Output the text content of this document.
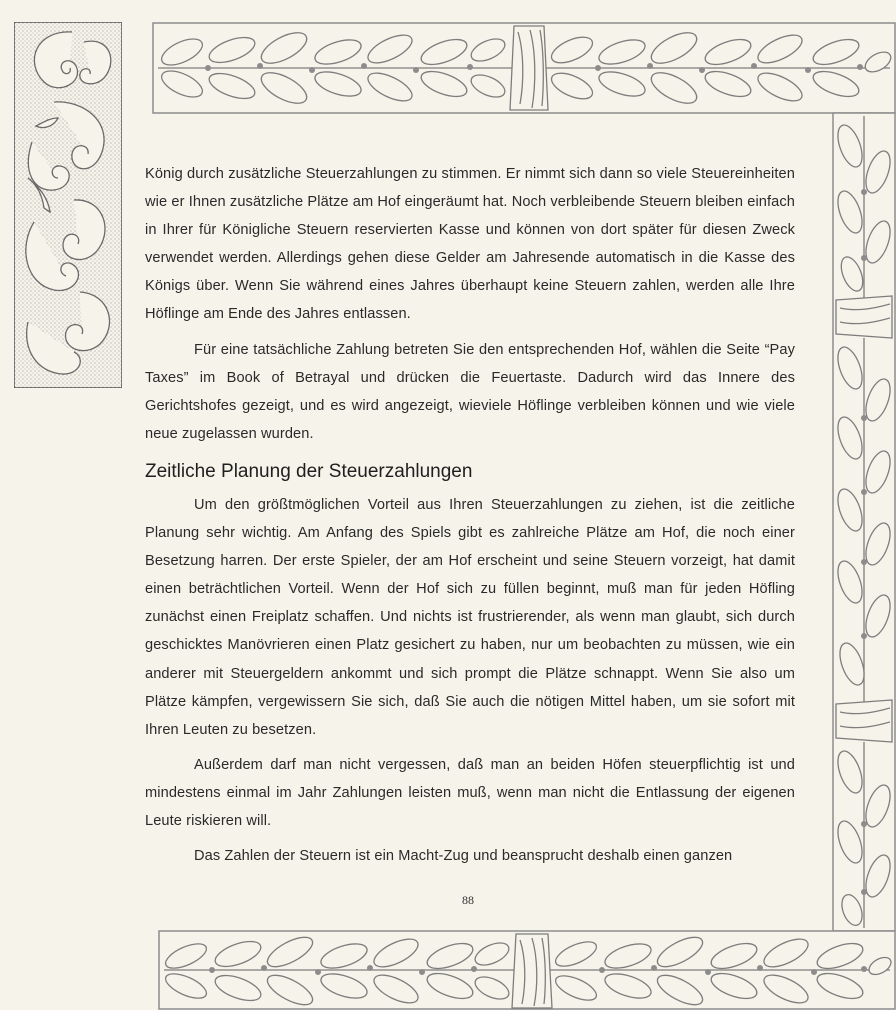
König durch zusätzliche Steuerzahlungen zu stimmen. Er nimmt sich dann so viele Steuereinheiten wie er Ihnen zusätzliche Plätze am Hof eingeräumt hat. Noch verbleibende Steuern bleiben einfach in Ihrer für Königliche Steuern reservierten Kasse und können von dort später für diesen Zweck verwendet werden. Allerdings gehen diese Gelder am Jahresende automatisch in die Kasse des Königs über. Wenn Sie während eines Jahres überhaupt keine Steuern zahlen, werden alle Ihre Höflinge am Ende des Jahres entlassen.

Für eine tatsächliche Zahlung betreten Sie den entsprechenden Hof, wählen die Seite “Pay Taxes” im Book of Betrayal und drücken die Feuertaste. Dadurch wird das Innere des Gerichtshofes gezeigt, und es wird angezeigt, wieviele Höflinge verbleiben können und wie viele neue zugelassen wurden.

Zeitliche Planung der Steuerzahlungen

Um den größtmöglichen Vorteil aus Ihren Steuerzahlungen zu ziehen, ist die zeitliche Planung sehr wichtig. Am Anfang des Spiels gibt es zahlreiche Plätze am Hof, die noch einer Besetzung harren. Der erste Spieler, der am Hof erscheint und seine Steuern vorzeigt, hat damit einen beträchtlichen Vorteil. Wenn der Hof sich zu füllen beginnt, muß man für jeden Höfling zunächst einen Freiplatz schaffen. Und nichts ist frustrierender, als wenn man glaubt, sich durch geschicktes Manövrieren einen Platz gesichert zu haben, nur um beobachten zu müssen, wie ein anderer mit Steuergeldern ankommt und sich prompt die Plätze schnappt. Wenn Sie also um Plätze kämpfen, vergewissern Sie sich, daß Sie auch die nötigen Mittel haben, um sie sofort mit Ihren Leuten zu besetzen.

Außerdem darf man nicht vergessen, daß man an beiden Höfen steuerpflichtig ist und mindestens einmal im Jahr Zahlungen leisten muß, wenn man nicht die Entlassung der eigenen Leute riskieren will.

Das Zahlen der Steuern ist ein Macht-Zug und beansprucht deshalb einen ganzen

88
